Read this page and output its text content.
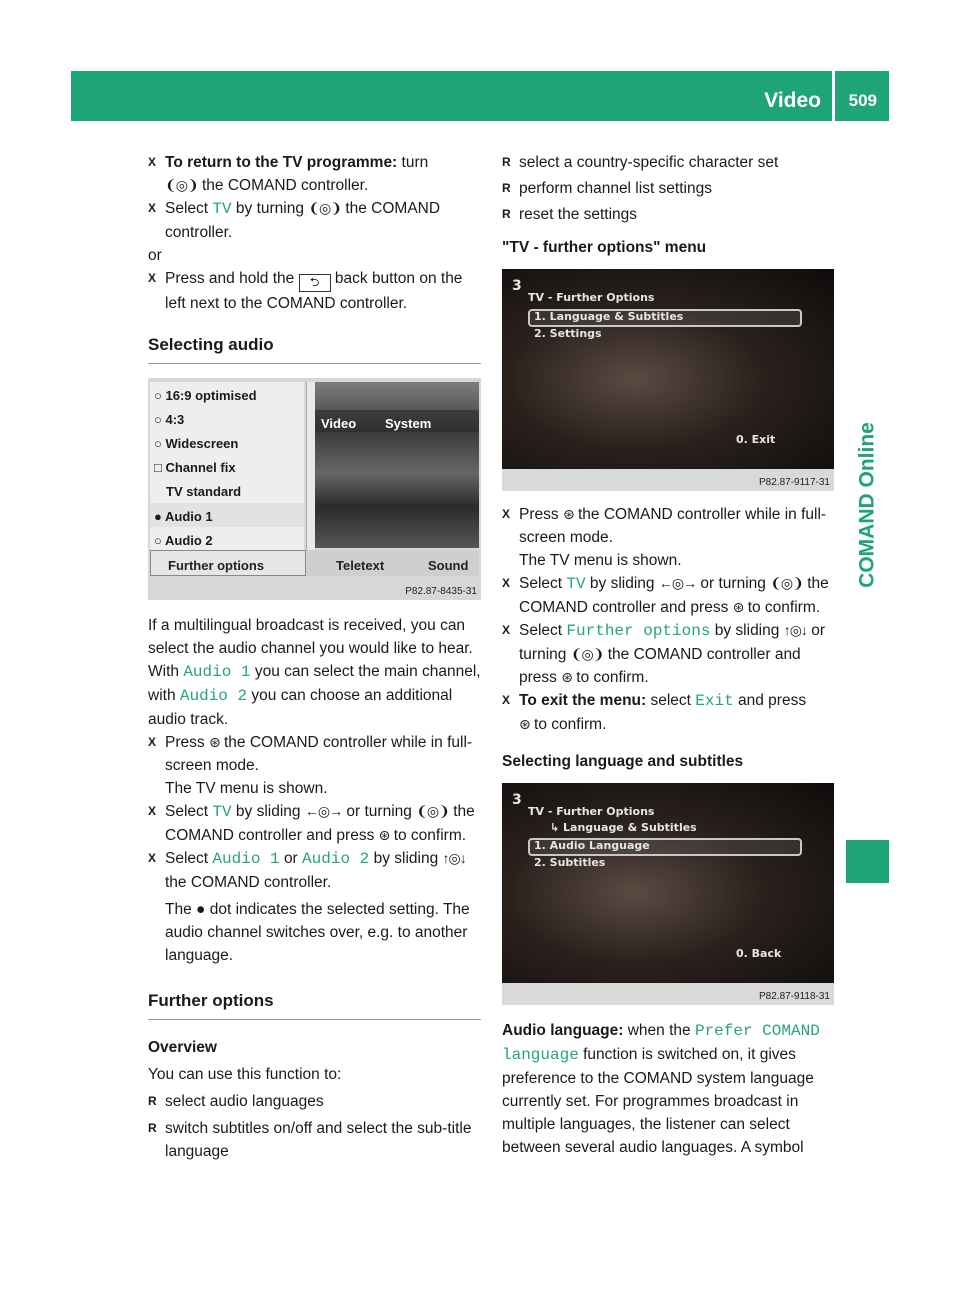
Video 509
COMAND Online

X To return to the TV programme: turn
❨◎❩ the COMAND controller.

X Select TV by turning ❨◎❩ the COMAND controller.

or

X Press and hold the ⮌ back button on the left next to the COMAND controller.

Selecting audio
○ 16:9 optimised
○ 4:3
○ Widescreen
□ Channel fix
TV standard
● Audio 1
○ Audio 2
Video System
Further options	Teletext	Sound
P82.87-8435-31

If a multilingual broadcast is received, you can select the audio channel you would like to hear. With Audio 1 you can select the main channel, with Audio 2 you can choose an additional audio track.

X Press ⊛ the COMAND controller while in full-screen mode.
The TV menu is shown.

X Select TV by sliding ←◎→ or turning ❨◎❩ the COMAND controller and press ⊛ to confirm.

X Select Audio 1 or Audio 2 by sliding ↑◎↓ the COMAND controller.

The ● dot indicates the selected setting. The audio channel switches over, e.g. to another language.

Further options
Overview

You can use this function to:

R select audio languages

R switch subtitles on/off and select the sub-title language

R select a country-specific character set

R perform channel list settings

R reset the settings

"TV - further options" menu
3
TV - Further Options
1. Language & Subtitles
2. Settings
0. Exit
P82.87-9117-31

X Press ⊛ the COMAND controller while in full-screen mode.
The TV menu is shown.

X Select TV by sliding ←◎→ or turning ❨◎❩ the COMAND controller and press ⊛ to confirm.

X Select Further options by sliding ↑◎↓ or turning ❨◎❩ the COMAND controller and press ⊛ to confirm.

X To exit the menu: select Exit and press
⊛ to confirm.

Selecting language and subtitles
3
TV - Further Options
↳ Language & Subtitles
1. Audio Language
2. Subtitles
0. Back
P82.87-9118-31

Audio language: when the Prefer COMAND language function is switched on, it gives preference to the COMAND system language currently set. For programmes broadcast in multiple languages, the listener can select between several audio languages. A symbol
